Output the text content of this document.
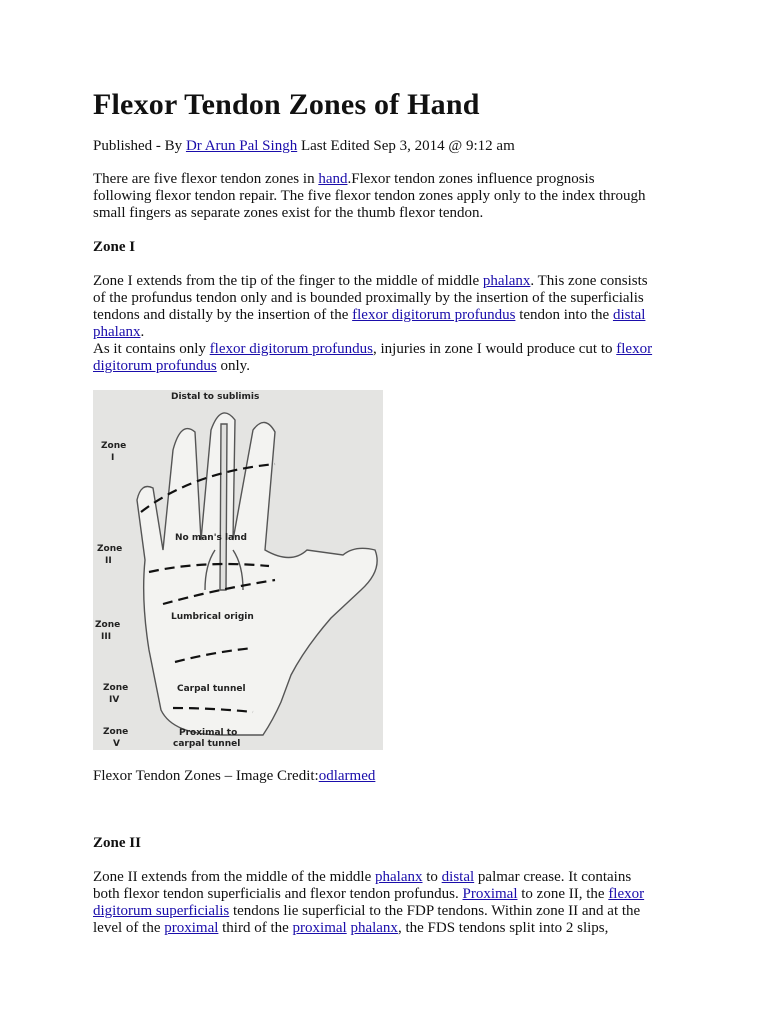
Flexor Tendon Zones of Hand
Published - By Dr Arun Pal Singh Last Edited Sep 3, 2014 @ 9:12 am
There are five flexor tendon zones in hand.Flexor tendon zones influence prognosis
following flexor tendon repair. The five flexor tendon zones apply only to the index through
small fingers as separate zones exist for the thumb flexor tendon.
Zone I
Zone I extends from the tip of the finger to the middle of middle phalanx. This zone consists
of the profundus tendon only and is bounded proximally by the insertion of the superficialis
tendons and distally by the insertion of the flexor digitorum profundus tendon into the distal
phalanx.
As it contains only flexor digitorum profundus, injuries in zone I would produce cut to flexor
digitorum profundus only.
Distal to sublimis
No man's land
Lumbrical origin
Carpal tunnel
Proximal to
carpal tunnel
Zone
I
Zone
II
Zone
III
Zone
IV
Zone
V
Flexor Tendon Zones – Image Credit:odlarmed
Zone II
Zone II extends from the middle of the middle phalanx to distal palmar crease. It contains
both flexor tendon superficialis and flexor tendon profundus. Proximal to zone II, the flexor
digitorum superficialis tendons lie superficial to the FDP tendons. Within zone II and at the
level of the proximal third of the proximal phalanx, the FDS tendons split into 2 slips,
